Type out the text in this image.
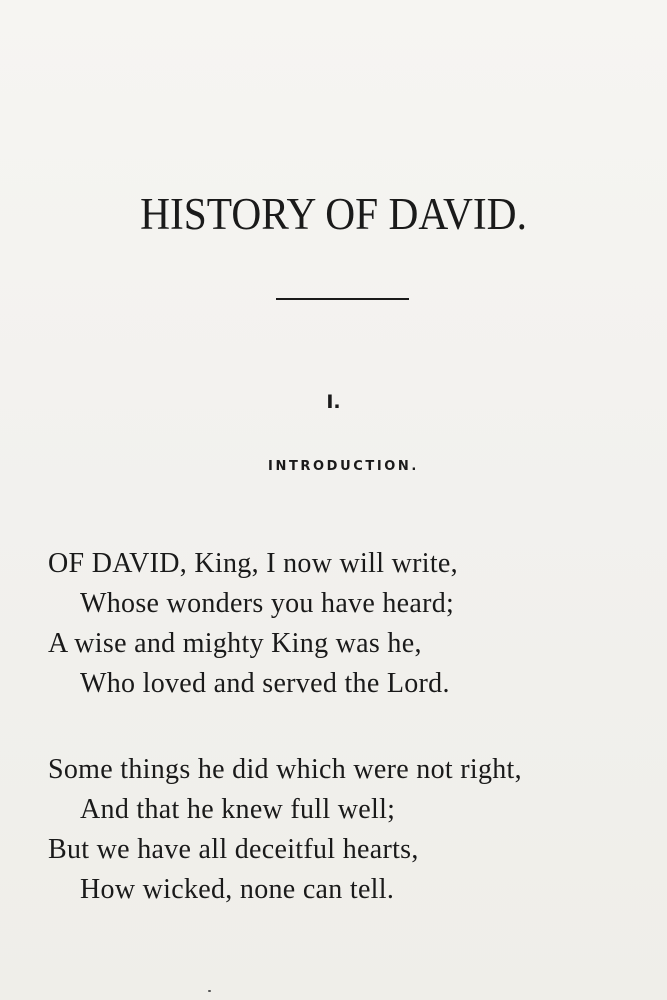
HISTORY OF DAVID.
I.
INTRODUCTION.
OF DAVID, King, I now will write,
Whose wonders you have heard;
A wise and mighty King was he,
Who loved and served the Lord.
Some things he did which were not right,
And that he knew full well;
But we have all deceitful hearts,
How wicked, none can tell.
